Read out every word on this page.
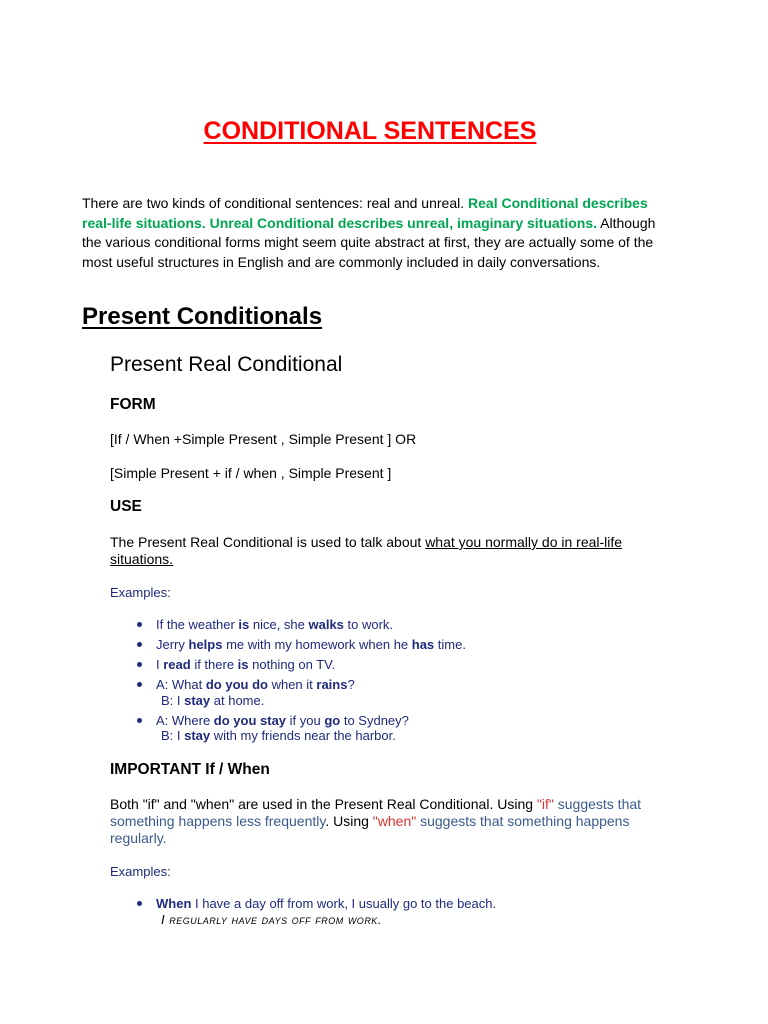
CONDITIONAL SENTENCES

There are two kinds of conditional sentences: real and unreal. Real Conditional describes real-life situations. Unreal Conditional describes unreal, imaginary situations. Although the various conditional forms might seem quite abstract at first, they are actually some of the most useful structures in English and are commonly included in daily conversations.

Present Conditionals
Present Real Conditional
FORM

[If / When +Simple Present , Simple Present ] OR

[Simple Present + if / when , Simple Present ]

USE

The Present Real Conditional is used to talk about what you normally do in real-life situations.

Examples:

If the weather is nice, she walks to work.
Jerry helps me with my homework when he has time.
I read if there is nothing on TV.
A: What do you do when it rains?
B: I stay at home.
A: Where do you stay if you go to Sydney?
B: I stay with my friends near the harbor.
IMPORTANT If / When

Both "if" and "when" are used in the Present Real Conditional. Using "if" suggests that something happens less frequently. Using "when" suggests that something happens regularly.

Examples:

When I have a day off from work, I usually go to the beach.
I regularly have days off from work.
